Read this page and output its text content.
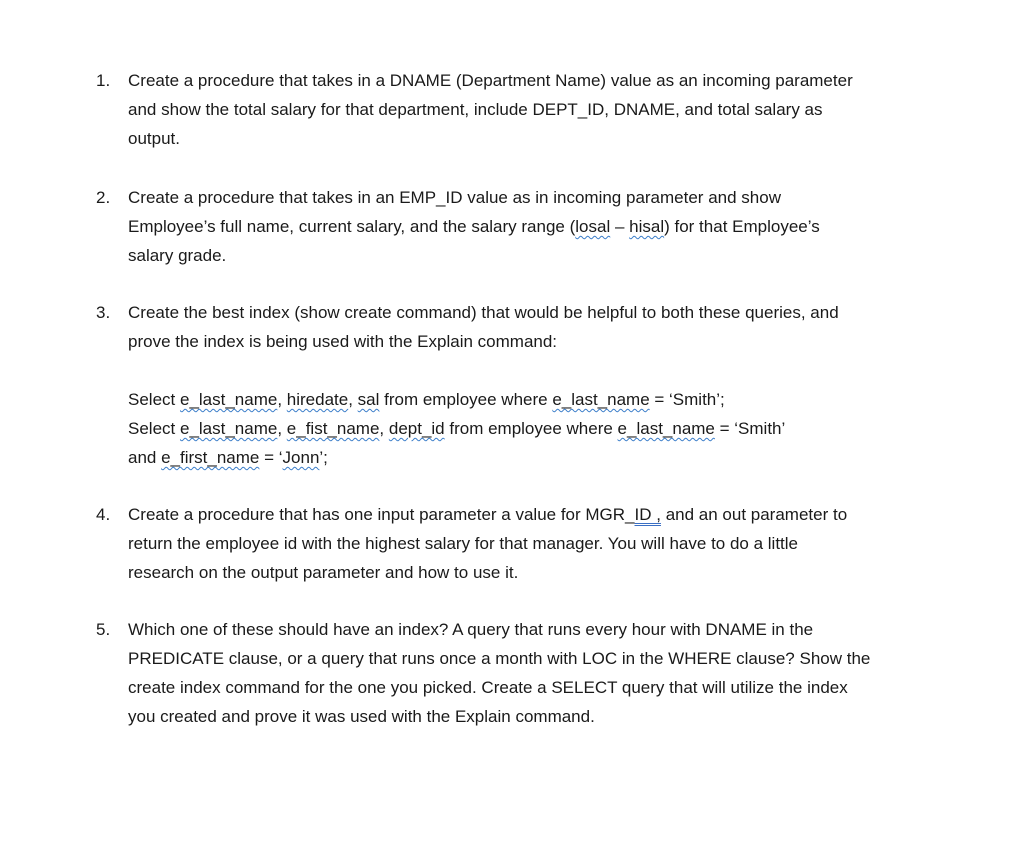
1. Create a procedure that takes in a DNAME (Department Name) value as an incoming parameter
and show the total salary for that department, include DEPT_ID, DNAME, and total salary as
output.
2. Create a procedure that takes in an EMP_ID value as in incoming parameter and show
Employee’s full name, current salary, and the salary range (losal – hisal) for that Employee’s
salary grade.
3. Create the best index (show create command) that would be helpful to both these queries, and
prove the index is being used with the Explain command:
Select e_last_name, hiredate, sal from employee where e_last_name = ‘Smith’;
Select e_last_name, e_fist_name, dept_id from employee where e_last_name = ‘Smith’
and e_first_name = ‘Jonn’;
4. Create a procedure that has one input parameter a value for MGR_ID , and an out parameter to
return the employee id with the highest salary for that manager. You will have to do a little
research on the output parameter and how to use it.
5. Which one of these should have an index? A query that runs every hour with DNAME in the
PREDICATE clause, or a query that runs once a month with LOC in the WHERE clause? Show the
create index command for the one you picked. Create a SELECT query that will utilize the index
you created and prove it was used with the Explain command.
